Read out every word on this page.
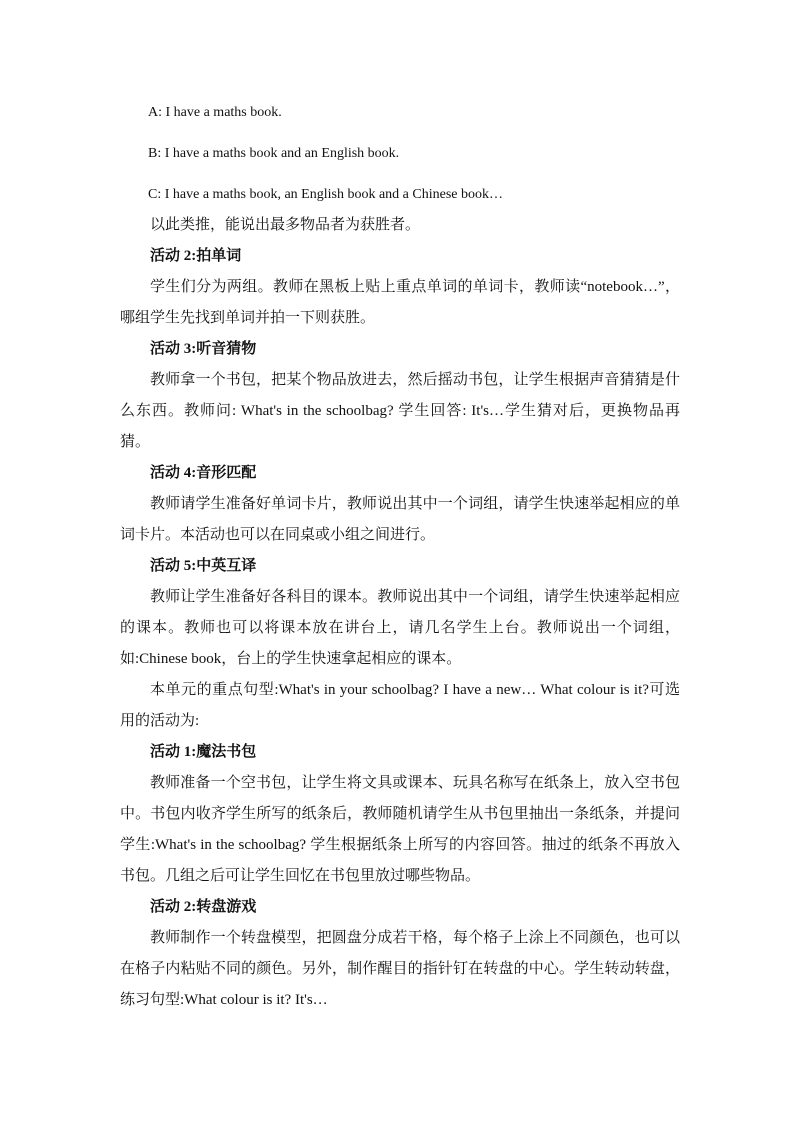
A: I have a maths book.

B: I have a maths book and an English book.

C: I have a maths book, an English book and a Chinese book…

以此类推，能说出最多物品者为获胜者。

活动 2:拍单词

学生们分为两组。教师在黑板上贴上重点单词的单词卡，教师读“notebook…”，哪组学生先找到单词并拍一下则获胜。

活动 3:听音猜物

教师拿一个书包，把某个物品放进去，然后摇动书包，让学生根据声音猜猜是什么东西。教师问: What's in the schoolbag? 学生回答: It's…学生猜对后，更换物品再猜。

活动 4:音形匹配

教师请学生准备好单词卡片，教师说出其中一个词组，请学生快速举起相应的单词卡片。本活动也可以在同桌或小组之间进行。

活动 5:中英互译

教师让学生准备好各科目的课本。教师说出其中一个词组，请学生快速举起相应的课本。教师也可以将课本放在讲台上，请几名学生上台。教师说出一个词组，如:Chinese book，台上的学生快速拿起相应的课本。

本单元的重点句型:What's in your schoolbag? I have a new… What colour is it?可选用的活动为:

活动 1:魔法书包

教师准备一个空书包，让学生将文具或课本、玩具名称写在纸条上，放入空书包中。书包内收齐学生所写的纸条后，教师随机请学生从书包里抽出一条纸条，并提问学生:What's in the schoolbag? 学生根据纸条上所写的内容回答。抽过的纸条不再放入书包。几组之后可让学生回忆在书包里放过哪些物品。

活动 2:转盘游戏

教师制作一个转盘模型，把圆盘分成若干格，每个格子上涂上不同颜色，也可以在格子内粘贴不同的颜色。另外，制作醒目的指针钉在转盘的中心。学生转动转盘，练习句型:What colour is it? It's…
